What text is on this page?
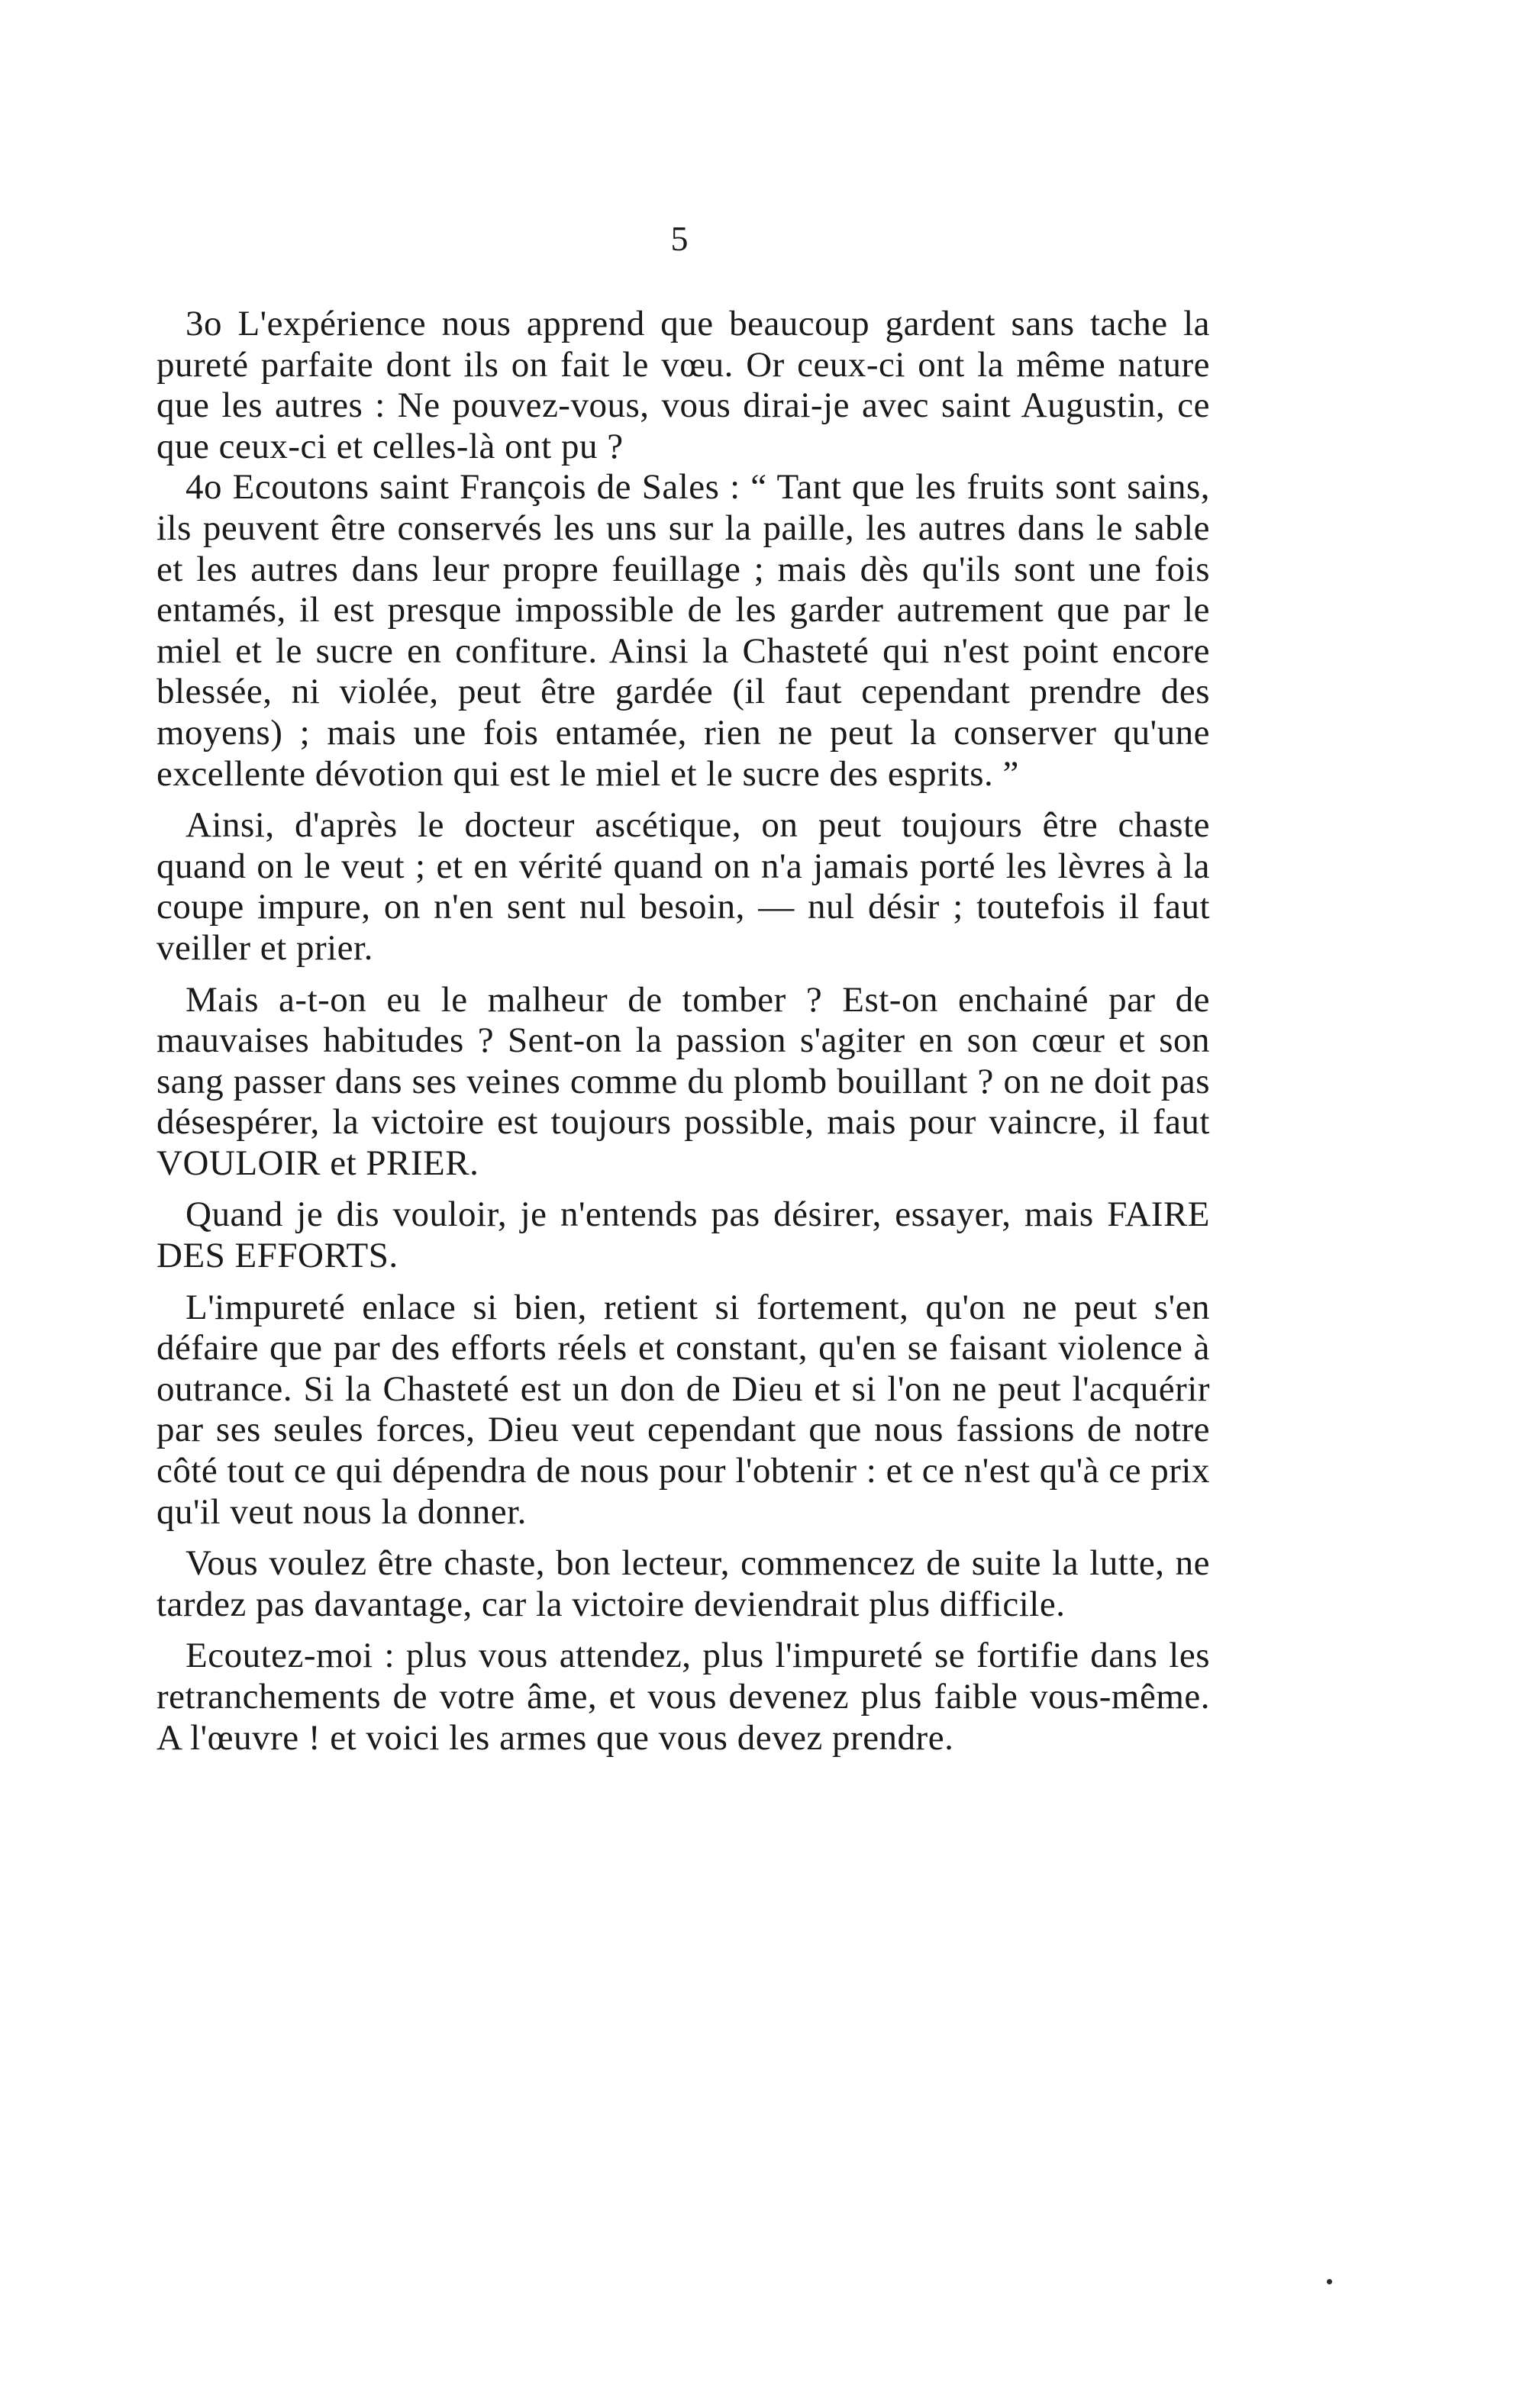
5

3o L'expérience nous apprend que beaucoup gardent sans tache la pureté parfaite dont ils on fait le vœu. Or ceux-ci ont la même nature que les autres : Ne pouvez-vous, vous dirai-je avec saint Augustin, ce que ceux-ci et celles-là ont pu ?

4o Ecoutons saint François de Sales : “ Tant que les fruits sont sains, ils peuvent être conservés les uns sur la paille, les autres dans le sable et les autres dans leur propre feuillage ; mais dès qu'ils sont une fois entamés, il est presque impossible de les garder autrement que par le miel et le sucre en confiture. Ainsi la Chasteté qui n'est point encore blessée, ni violée, peut être gardée (il faut cependant prendre des moyens) ; mais une fois entamée, rien ne peut la conserver qu'une excellente dévotion qui est le miel et le sucre des esprits. ”

Ainsi, d'après le docteur ascétique, on peut toujours être chaste quand on le veut ; et en vérité quand on n'a jamais porté les lèvres à la coupe impure, on n'en sent nul besoin, — nul désir ; toutefois il faut veiller et prier.

Mais a-t-on eu le malheur de tomber ? Est-on enchainé par de mauvaises habitudes ? Sent-on la passion s'agiter en son cœur et son sang passer dans ses veines comme du plomb bouillant ? on ne doit pas désespérer, la victoire est toujours possible, mais pour vaincre, il faut VOULOIR et PRIER.

Quand je dis vouloir, je n'entends pas désirer, essayer, mais FAIRE DES EFFORTS.

L'impureté enlace si bien, retient si fortement, qu'on ne peut s'en défaire que par des efforts réels et constant, qu'en se faisant violence à outrance. Si la Chasteté est un don de Dieu et si l'on ne peut l'acquérir par ses seules forces, Dieu veut cependant que nous fassions de notre côté tout ce qui dépendra de nous pour l'obtenir : et ce n'est qu'à ce prix qu'il veut nous la donner.

Vous voulez être chaste, bon lecteur, commencez de suite la lutte, ne tardez pas davantage, car la victoire deviendrait plus difficile.

Ecoutez-moi : plus vous attendez, plus l'impureté se fortifie dans les retranchements de votre âme, et vous devenez plus faible vous-même. A l'œuvre ! et voici les armes que vous devez prendre.
